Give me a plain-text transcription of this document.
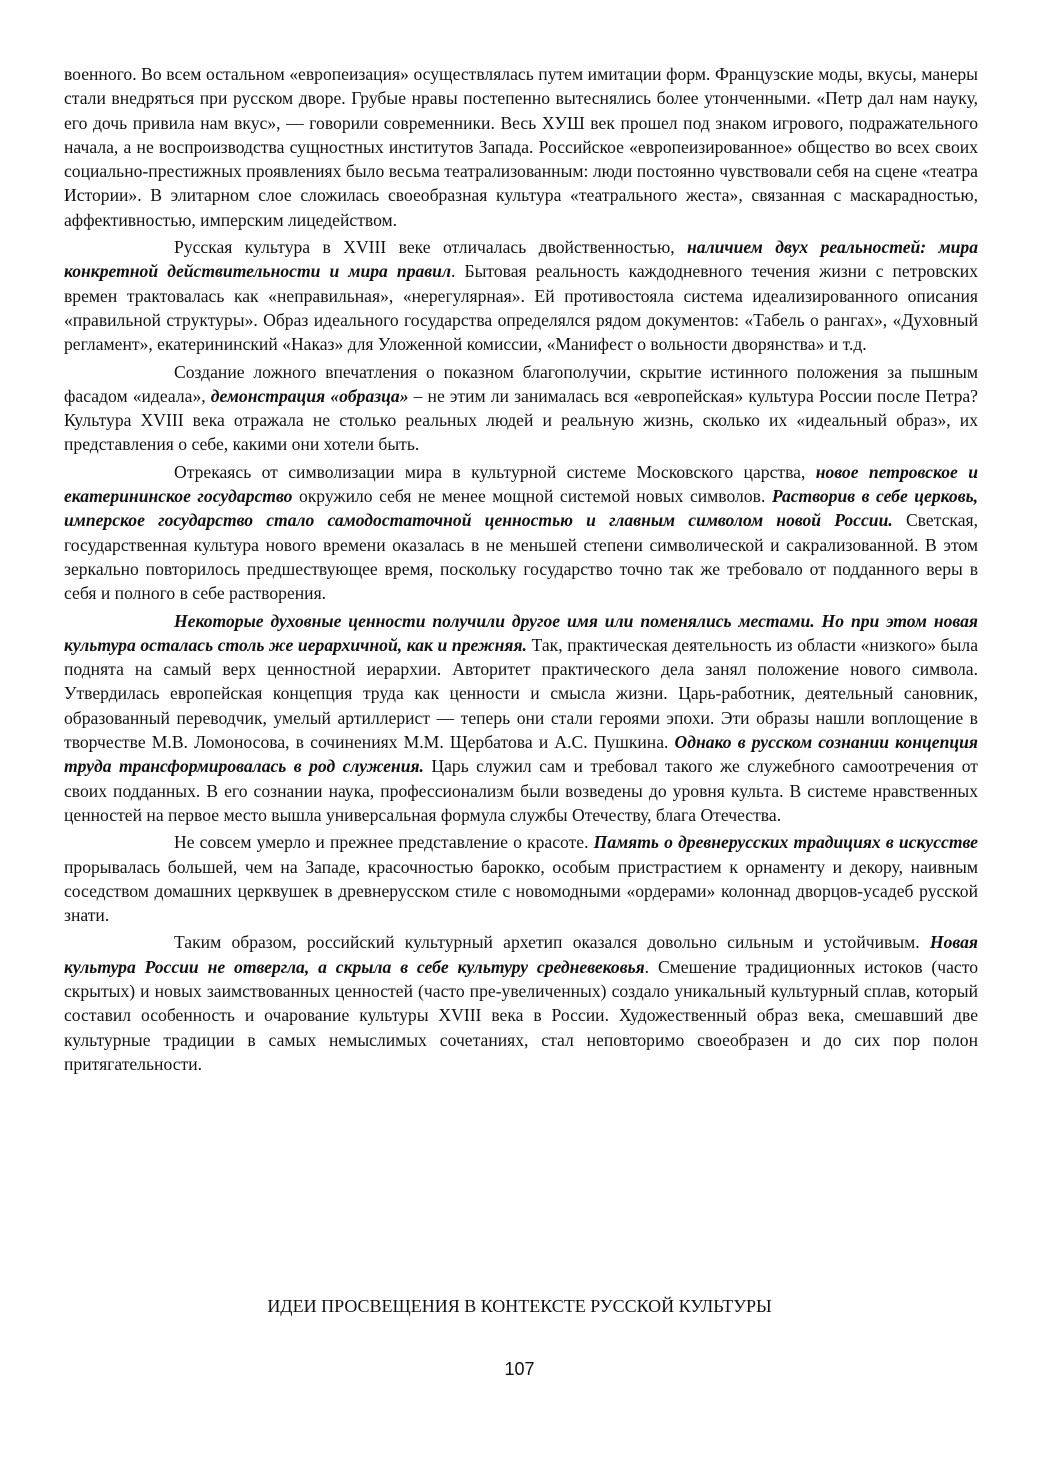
военного. Во всем остальном «европеизация» осуществлялась путем имитации форм. Французские моды, вкусы, манеры стали внедряться при русском дворе. Грубые нравы постепенно вытеснялись более утонченными. «Петр дал нам науку, его дочь привила нам вкус», — говорили современники. Весь ХУШ век прошел под знаком игрового, подражательного начала, а не воспроизводства сущностных институтов Запада. Российское «европеизированное» общество во всех своих социально-престижных проявлениях было весьма театрализованным: люди постоянно чувствовали себя на сцене «театра Истории». В элитарном слое сложилась своеобразная культура «театрального жеста», связанная с маскарадностью, аффективностью, имперским лицедейством.

Русская культура в XVIII веке отличалась двойственностью, наличием двух реальностей: мира конкретной действительности и мира правил. Бытовая реальность каждодневного течения жизни с петровских времен трактовалась как «неправильная», «нерегулярная». Ей противостояла система идеализированного описания «правильной структуры». Образ идеального государства определялся рядом документов: «Табель о рангах», «Духовный регламент», екатерининский «Наказ» для Уложенной комиссии, «Манифест о вольности дворянства» и т.д.

Создание ложного впечатления о показном благополучии, скрытие истинного положения за пышным фасадом «идеала», демонстрация «образца» – не этим ли занималась вся «европейская» культура России после Петра? Культура XVIII века отражала не столько реальных людей и реальную жизнь, сколько их «идеальный образ», их представления о себе, какими они хотели быть.

Отрекаясь от символизации мира в культурной системе Московского царства, новое петровское и екатерининское государство окружило себя не менее мощной системой новых символов. Растворив в себе церковь, имперское государство стало самодостаточной ценностью и главным символом новой России. Светская, государственная культура нового времени оказалась в не меньшей степени символической и сакрализованной. В этом зеркально повторилось предшествующее время, поскольку государство точно так же требовало от подданного веры в себя и полного в себе растворения.

Некоторые духовные ценности получили другое имя или поменялись местами. Но при этом новая культура осталась столь же иерархичной, как и прежняя. Так, практическая деятельность из области «низкого» была поднята на самый верх ценностной иерархии. Авторитет практического дела занял положение нового символа. Утвердилась европейская концепция труда как ценности и смысла жизни. Царь-работник, деятельный сановник, образованный переводчик, умелый артиллерист — теперь они стали героями эпохи. Эти образы нашли воплощение в творчестве М.В. Ломоносова, в сочинениях М.М. Щербатова и А.С. Пушкина. Однако в русском сознании концепция труда трансформировалась в род служения. Царь служил сам и требовал такого же служебного самоотречения от своих подданных. В его сознании наука, профессионализм были возведены до уровня культа. В системе нравственных ценностей на первое место вышла универсальная формула службы Отечеству, блага Отечества.

Не совсем умерло и прежнее представление о красоте. Память о древнерусских традициях в искусстве прорывалась большей, чем на Западе, красочностью барокко, особым пристрастием к орнаменту и декору, наивным соседством домашних церквушек в древнерусском стиле с новомодными «ордерами» колоннад дворцов-усадеб русской знати.

Таким образом, российский культурный архетип оказался довольно сильным и устойчивым. Новая культура России не отвергла, а скрыла в себе культуру средневековья. Смешение традиционных истоков (часто скрытых) и новых заимствованных ценностей (часто пре-увеличенных) создало уникальный культурный сплав, который составил особенность и очарование культуры XVIII века в России. Художественный образ века, смешавший две культурные традиции в самых немыслимых сочетаниях, стал неповторимо своеобразен и до сих пор полон притягательности.

ИДЕИ ПРОСВЕЩЕНИЯ В КОНТЕКСТЕ РУССКОЙ КУЛЬТУРЫ
107
